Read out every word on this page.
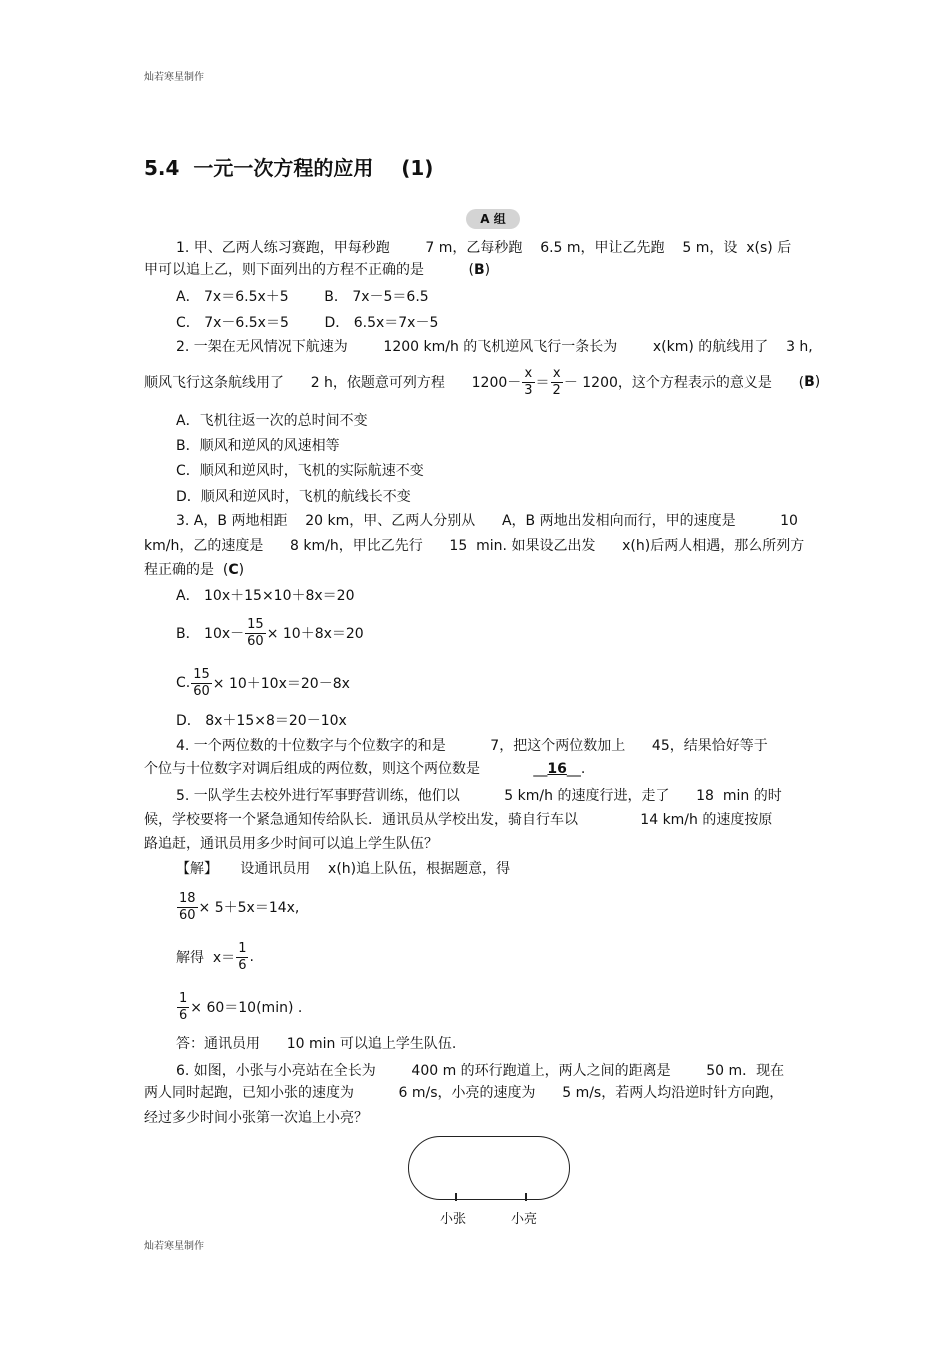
灿若寒星制作
5.4  一元一次方程的应用    (1)
A 组
1. 甲、乙两人练习赛跑，甲每秒跑        7 m，乙每秒跑    6.5 m，甲让乙先跑    5 m，设  x(s) 后
甲可以追上乙，则下面列出的方程不正确的是          (B)
A． 7x＝6.5x＋5        B． 7x－5＝6.5
C． 7x－6.5x＝5        D． 6.5x＝7x－5
2. 一架在无风情况下航速为        1200 km/h 的飞机逆风飞行一条长为        x(km) 的航线用了    3 h,
顺风飞行这条航线用了      2 h，依题意可列方程      $1200- \frac{x}{3} = \frac{x}{2} - 1200$，这个方程表示的意义是      ( B )
A．飞机往返一次的总时间不变
B．顺风和逆风的风速相等
C．顺风和逆风时，飞机的实际航速不变
D．顺风和逆风时，飞机的航线长不变
3. A，B 两地相距    20 km，甲、乙两人分别从      A，B 两地出发相向而行，甲的速度是          10
km/h，乙的速度是      8 km/h，甲比乙先行      15  min. 如果设乙出发      x(h)后两人相遇，那么所列方
程正确的是  (C)
A． 10x＋15×10＋8x＝20
B． $10x- \frac{15}{60} \times 10+8x=20$
C. $\frac{15}{60} \times 10+10x=20-8x$
D． 8x＋15×8＝20－10x
4. 一个两位数的十位数字与个位数字的和是          7，把这个两位数加上      45，结果恰好等于
个位与十位数字对调后组成的两位数，则这个两位数是            __16__.
5. 一队学生去校外进行军事野营训练，他们以          5 km/h 的速度行进，走了      18  min 的时
候，学校要将一个紧急通知传给队长．通讯员从学校出发，骑自行车以              14 km/h 的速度按原
路追赶，通讯员用多少时间可以追上学生队伍？
【解】     设通讯员用    x(h)追上队伍，根据题意，得
$\frac{18}{60} \times 5+5x=14x$,
解得  $x= \frac{1}{6}$ .
$\frac{1}{6} \times 60=10(\min)$ .
答：通讯员用      10 min 可以追上学生队伍.
6. 如图，小张与小亮站在全长为        400 m 的环行跑道上，两人之间的距离是        50 m．现在
两人同时起跑，已知小张的速度为          6 m/s，小亮的速度为      5 m/s，若两人均沿逆时针方向跑，
经过多少时间小张第一次追上小亮？
小张	小亮
灿若寒星制作
